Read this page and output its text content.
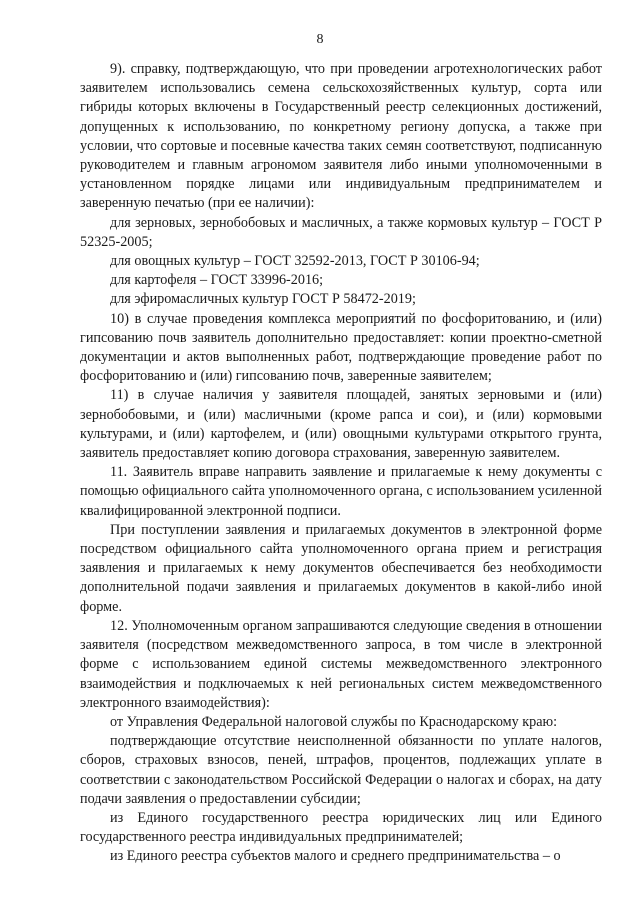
8

9). справку, подтверждающую, что при проведении агротехнологических работ заявителем использовались семена сельскохозяйственных культур, сорта или гибриды которых включены в Государственный реестр селекционных достижений, допущенных к использованию, по конкретному региону допуска, а также при условии, что сортовые и посевные качества таких семян соответствуют, подписанную руководителем и главным агрономом заявителя либо иными уполномоченными в установленном порядке лицами или индивидуальным предпринимателем и заверенную печатью (при ее наличии):

для зерновых, зернобобовых и масличных, а также кормовых культур – ГОСТ Р 52325-2005;

для овощных культур – ГОСТ 32592-2013, ГОСТ Р 30106-94;

для картофеля – ГОСТ 33996-2016;

для эфиромасличных культур ГОСТ Р 58472-2019;

10) в случае проведения комплекса мероприятий по фосфоритованию, и (или) гипсованию почв заявитель дополнительно предоставляет: копии проектно-сметной документации и актов выполненных работ, подтверждающие проведение работ по фосфоритованию и (или) гипсованию почв, заверенные заявителем;

11) в случае наличия у заявителя площадей, занятых зерновыми и (или) зернобобовыми, и (или) масличными (кроме рапса и сои), и (или) кормовыми культурами, и (или) картофелем, и (или) овощными культурами открытого грунта, заявитель предоставляет копию договора страхования, заверенную заявителем.

11. Заявитель вправе направить заявление и прилагаемые к нему документы с помощью официального сайта уполномоченного органа, с использованием усиленной квалифицированной электронной подписи.

При поступлении заявления и прилагаемых документов в электронной форме посредством официального сайта уполномоченного органа прием и регистрация заявления и прилагаемых к нему документов обеспечивается без необходимости дополнительной подачи заявления и прилагаемых документов в какой-либо иной форме.

12. Уполномоченным органом запрашиваются следующие сведения в отношении заявителя (посредством межведомственного запроса, в том числе в электронной форме с использованием единой системы межведомственного электронного взаимодействия и подключаемых к ней региональных систем межведомственного электронного взаимодействия):

от Управления Федеральной налоговой службы по Краснодарскому краю:

подтверждающие отсутствие неисполненной обязанности по уплате налогов, сборов, страховых взносов, пеней, штрафов, процентов, подлежащих уплате в соответствии с законодательством Российской Федерации о налогах и сборах, на дату подачи заявления о предоставлении субсидии;

из Единого государственного реестра юридических лиц или Единого государственного реестра индивидуальных предпринимателей;

из Единого реестра субъектов малого и среднего предпринимательства – о
